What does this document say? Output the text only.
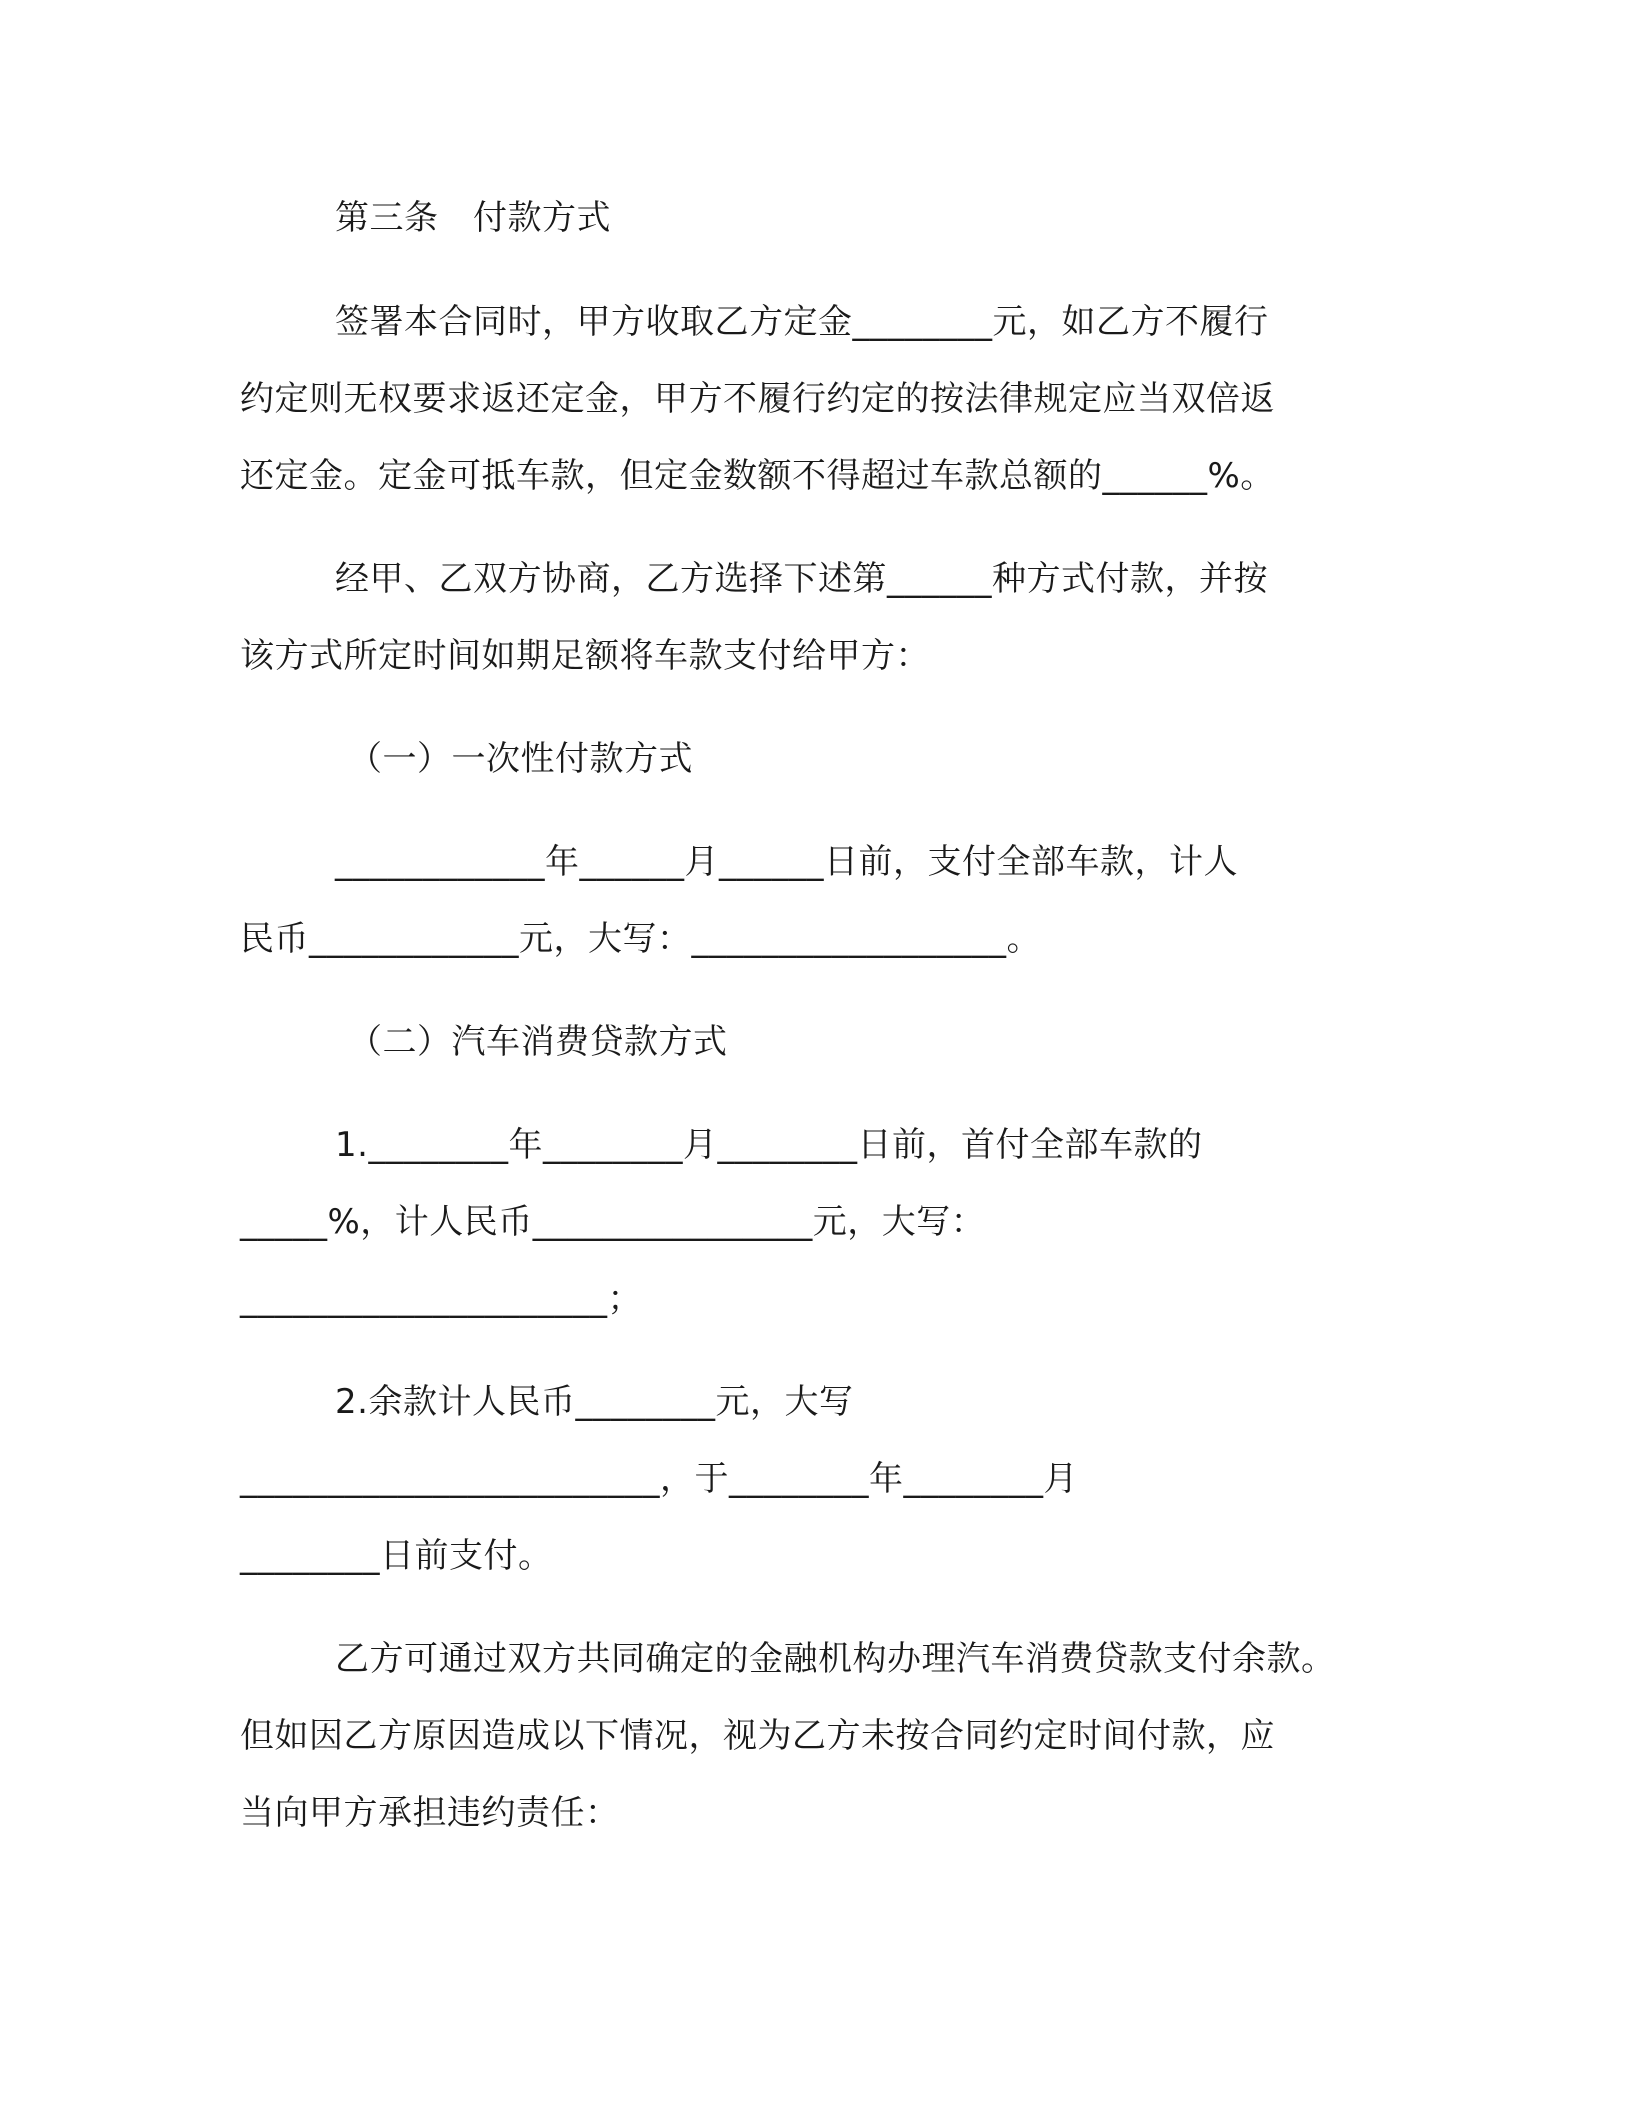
第三条　付款方式
签署本合同时，甲方收取乙方定金________元，如乙方不履行
约定则无权要求返还定金，甲方不履行约定的按法律规定应当双倍返
还定金。定金可抵车款，但定金数额不得超过车款总额的______%。
经甲、乙双方协商，乙方选择下述第______种方式付款，并按
该方式所定时间如期足额将车款支付给甲方：
（一）一次性付款方式
____________年______月______日前，支付全部车款，计人
民币____________元，大写：__________________。
（二）汽车消费贷款方式
1.________年________月________日前，首付全部车款的
_____%，计人民币________________元，大写：
_____________________；
2.余款计人民币________元，大写
________________________，于________年________月
________日前支付。
乙方可通过双方共同确定的金融机构办理汽车消费贷款支付余款。
但如因乙方原因造成以下情况，视为乙方未按合同约定时间付款，应
当向甲方承担违约责任：
